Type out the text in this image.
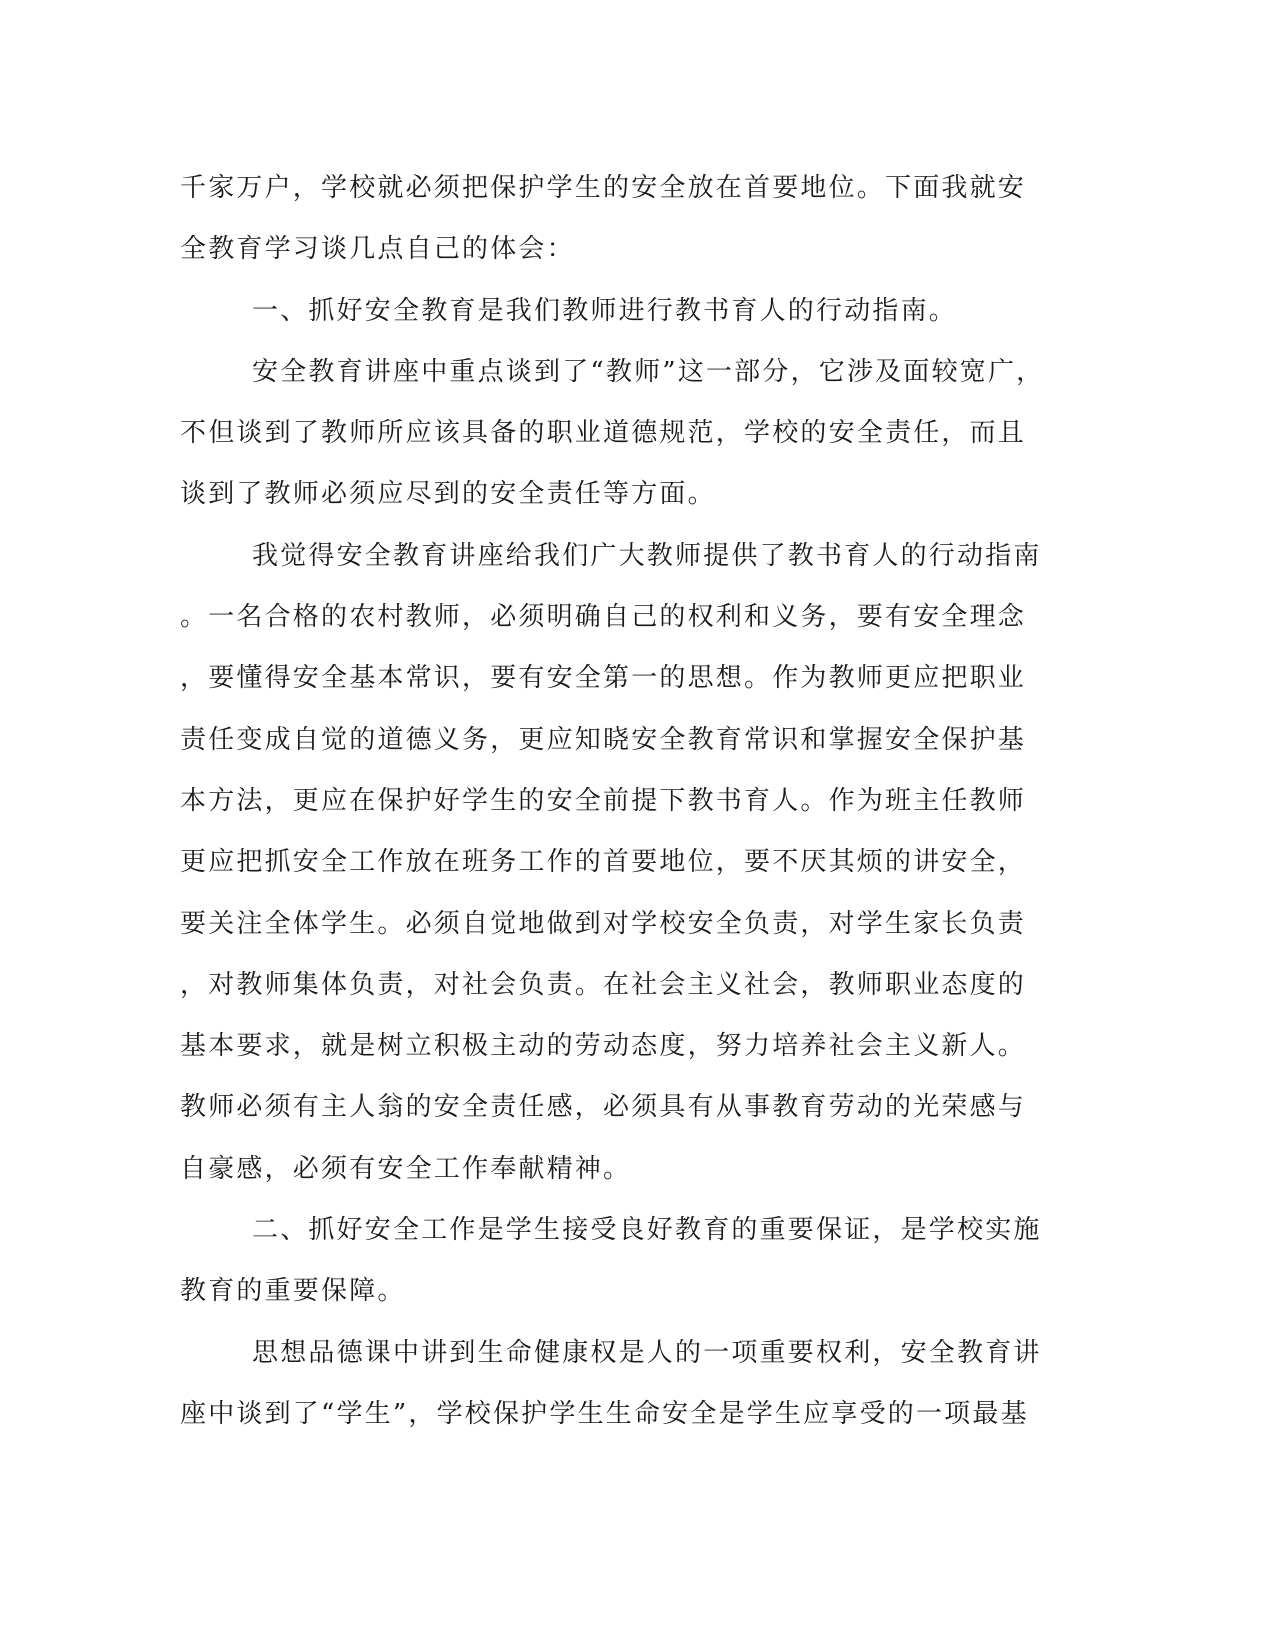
千家万户，学校就必须把保护学生的安全放在首要地位。下面我就安
全教育学习谈几点自己的体会：
一、抓好安全教育是我们教师进行教书育人的行动指南。
安全教育讲座中重点谈到了“教师”这一部分，它涉及面较宽广，
不但谈到了教师所应该具备的职业道德规范，学校的安全责任，而且
谈到了教师必须应尽到的安全责任等方面。
我觉得安全教育讲座给我们广大教师提供了教书育人的行动指南
。一名合格的农村教师，必须明确自己的权利和义务，要有安全理念
，要懂得安全基本常识，要有安全第一的思想。作为教师更应把职业
责任变成自觉的道德义务，更应知晓安全教育常识和掌握安全保护基
本方法，更应在保护好学生的安全前提下教书育人。作为班主任教师
更应把抓安全工作放在班务工作的首要地位，要不厌其烦的讲安全，
要关注全体学生。必须自觉地做到对学校安全负责，对学生家长负责
，对教师集体负责，对社会负责。在社会主义社会，教师职业态度的
基本要求，就是树立积极主动的劳动态度，努力培养社会主义新人。
教师必须有主人翁的安全责任感，必须具有从事教育劳动的光荣感与
自豪感，必须有安全工作奉献精神。
二、抓好安全工作是学生接受良好教育的重要保证，是学校实施
教育的重要保障。
思想品德课中讲到生命健康权是人的一项重要权利，安全教育讲
座中谈到了“学生”，学校保护学生生命安全是学生应享受的一项最基
